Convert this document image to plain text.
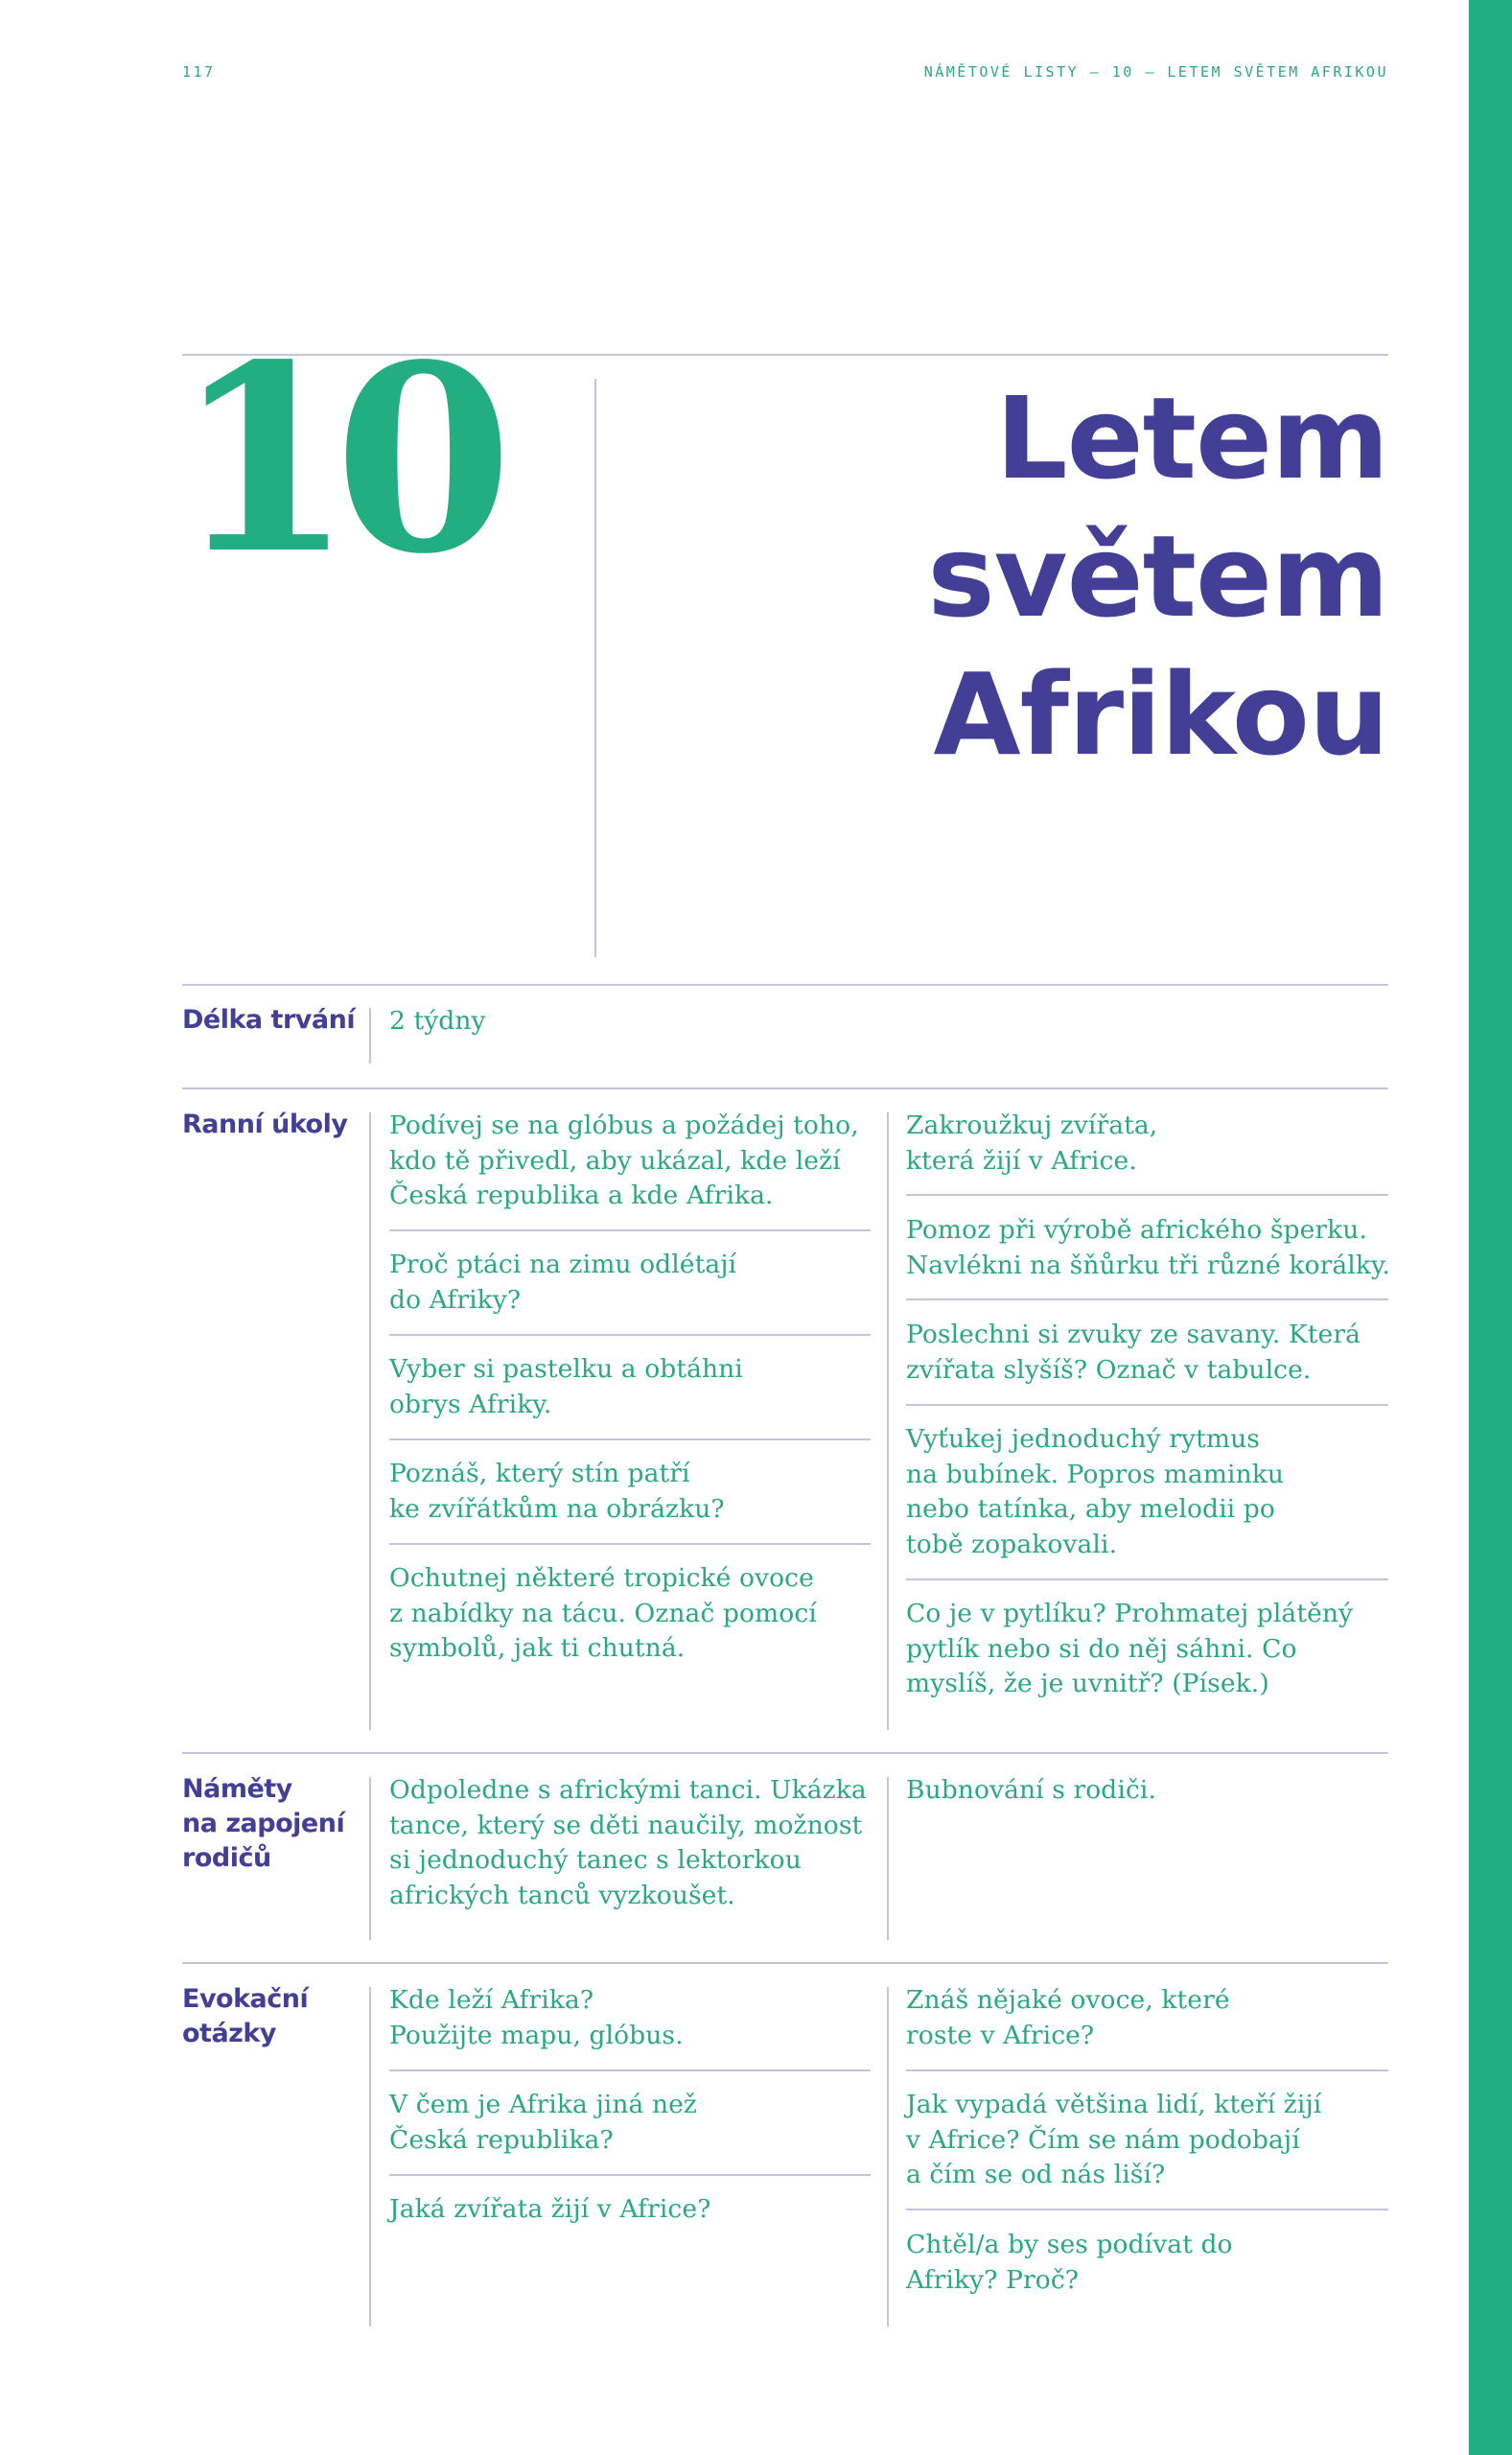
117	NÁMĚTOVÉ LISTY – 10 – LETEM SVĚTEM AFRIKOU
10	Letem
světem
Afrikou
Délka trvání 2 týdny
Ranní úkoly Podívej se na glóbus a požádej toho,
kdo tě přivedl, aby ukázal, kde leží
Česká republika a kde Afrika.
Proč ptáci na zimu odlétají
do Afriky?
Vyber si pastelku a obtáhni
obrys Afriky.
Poznáš, který stín patří
ke zvířátkům na obrázku?
Ochutnej některé tropické ovoce
z nabídky na tácu. Označ pomocí
symbolů, jak ti chutná.
Zakroužkuj zvířata,
která žijí v Africe.
Pomoz při výrobě afrického šperku.
Navlékni na šňůrku tři různé korálky.
Poslechni si zvuky ze savany. Která
zvířata slyšíš? Označ v tabulce.
Vyťukej jednoduchý rytmus
na bubínek. Popros maminku
nebo tatínka, aby melodii po
tobě zopakovali.
Co je v pytlíku? Prohmatej plátěný
pytlík nebo si do něj sáhni. Co
myslíš, že je uvnitř? (Písek.)
Náměty
na zapojení
rodičů
Odpoledne s africkými tanci. Ukázka
tance, který se děti naučily, možnost
si jednoduchý tanec s lektorkou
afrických tanců vyzkoušet.
Bubnování s rodiči.
Evokační
otázky
Kde leží Afrika?
Použijte mapu, glóbus.
V čem je Afrika jiná než
Česká republika?
Jaká zvířata žijí v Africe?
Znáš nějaké ovoce, které
roste v Africe?
Jak vypadá většina lidí, kteří žijí
v Africe? Čím se nám podobají
a čím se od nás liší?
Chtěl/a by ses podívat do
Afriky? Proč?
